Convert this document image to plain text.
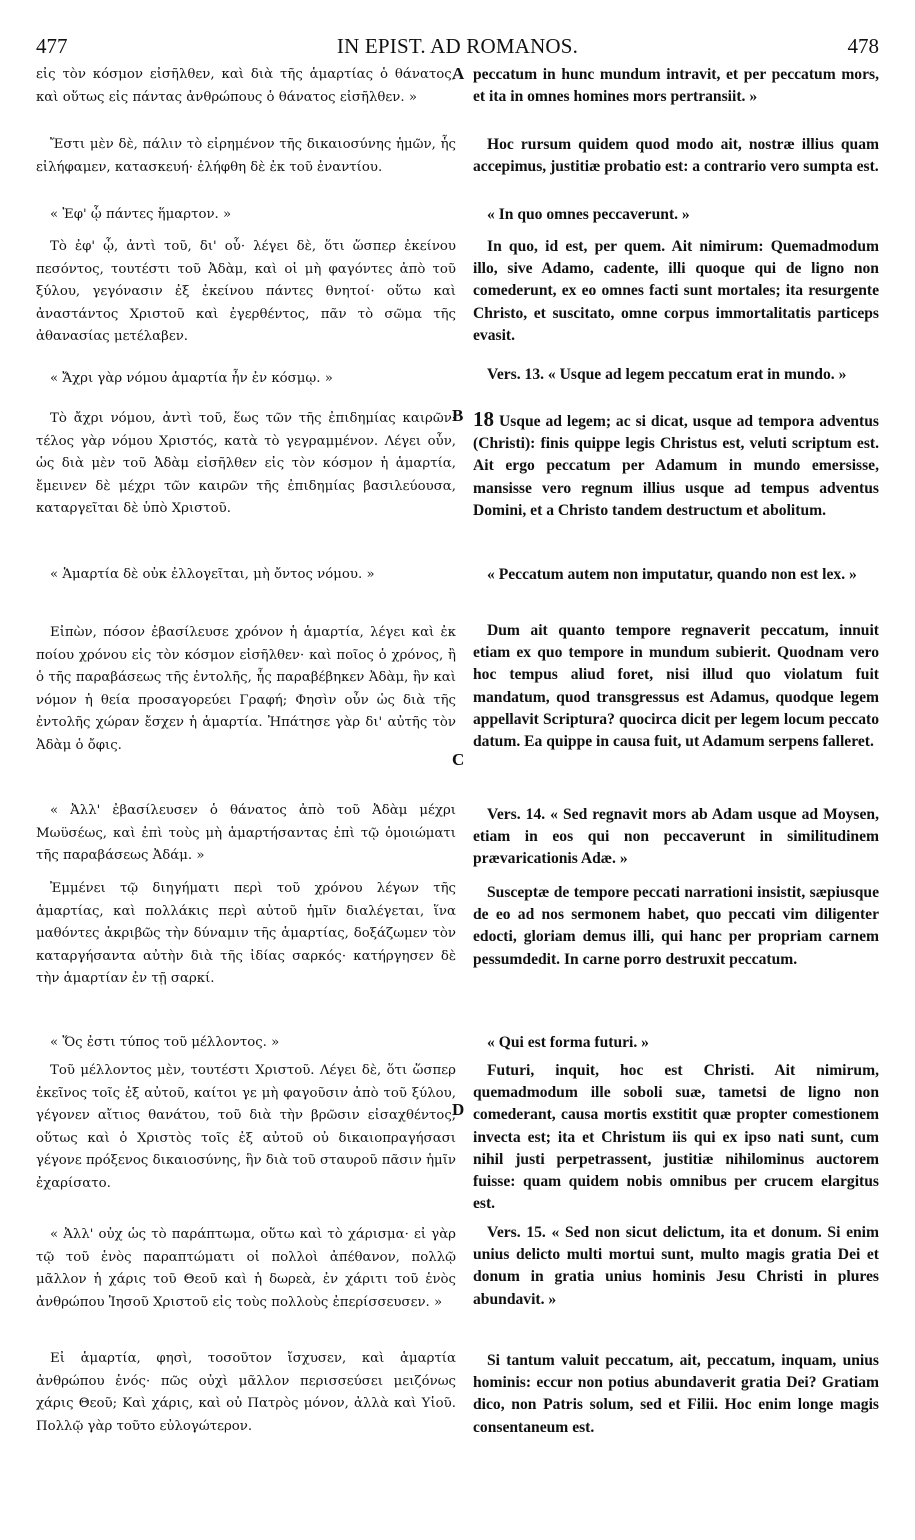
IN EPIST. AD ROMANOS.
477	478

εἰς τὸν κόσμον εἰσῆλθεν, καὶ διὰ τῆς ἁμαρτίας ὁ θάνατος, καὶ οὕτως εἰς πάντας ἀνθρώπους ὁ θάνατος εἰσῆλθεν. »

Ἔστι μὲν δὲ, πάλιν τὸ εἰρημένον τῆς δικαιοσύνης ἡμῶν, ἧς εἰλήφαμεν, κατασκευή· ἐλήφθη δὲ ἐκ τοῦ ἐναντίου.

« Ἐφ' ᾧ πάντες ἥμαρτον. »

Τὸ ἐφ' ᾧ, ἀντὶ τοῦ, δι' οὗ· λέγει δὲ, ὅτι ὥσπερ ἐκείνου πεσόντος, τουτέστι τοῦ Ἀδὰμ, καὶ οἱ μὴ φαγόντες ἀπὸ τοῦ ξύλου, γεγόνασιν ἐξ ἐκείνου πάντες θνητοί· οὕτω καὶ ἀναστάντος Χριστοῦ καὶ ἐγερθέντος, πᾶν τὸ σῶμα τῆς ἀθανασίας μετέλαβεν.

« Ἄχρι γὰρ νόμου ἁμαρτία ἦν ἐν κόσμῳ. »

Τὸ ἄχρι νόμου, ἀντὶ τοῦ, ἕως τῶν τῆς ἐπιδημίας καιρῶν· τέλος γὰρ νόμου Χριστός, κατὰ τὸ γεγραμμένον. Λέγει οὖν, ὡς διὰ μὲν τοῦ Ἀδὰμ εἰσῆλθεν εἰς τὸν κόσμον ἡ ἁμαρτία, ἔμεινεν δὲ μέχρι τῶν καιρῶν τῆς ἐπιδημίας βασιλεύουσα, καταργεῖται δὲ ὑπὸ Χριστοῦ.

« Ἁμαρτία δὲ οὐκ ἐλλογεῖται, μὴ ὄντος νόμου. »

Εἰπὼν, πόσον ἐβασίλευσε χρόνον ἡ ἁμαρτία, λέγει καὶ ἐκ ποίου χρόνου εἰς τὸν κόσμον εἰσῆλθεν· καὶ ποῖος ὁ χρόνος, ἢ ὁ τῆς παραβάσεως τῆς ἐντολῆς, ἧς παραβέβηκεν Ἀδὰμ, ἣν καὶ νόμον ἡ θεία προσαγορεύει Γραφή; Φησὶν οὖν ὡς διὰ τῆς ἐντολῆς χώραν ἔσχεν ἡ ἁμαρτία. Ἠπάτησε γὰρ δι' αὐτῆς τὸν Ἀδὰμ ὁ ὄφις.

« Ἀλλ' ἐβασίλευσεν ὁ θάνατος ἀπὸ τοῦ Ἀδὰμ μέχρι Μωϋσέως, καὶ ἐπὶ τοὺς μὴ ἁμαρτήσαντας ἐπὶ τῷ ὁμοιώματι τῆς παραβάσεως Ἀδάμ. »

Ἐμμένει τῷ διηγήματι περὶ τοῦ χρόνου λέγων τῆς ἁμαρτίας, καὶ πολλάκις περὶ αὐτοῦ ἡμῖν διαλέγεται, ἵνα μαθόντες ἀκριβῶς τὴν δύναμιν τῆς ἁμαρτίας, δοξάζωμεν τὸν καταργήσαντα αὐτὴν διὰ τῆς ἰδίας σαρκός· κατήργησεν δὲ τὴν ἁμαρτίαν ἐν τῇ σαρκί.

« Ὅς ἐστι τύπος τοῦ μέλλοντος. »

Τοῦ μέλλοντος μὲν, τουτέστι Χριστοῦ. Λέγει δὲ, ὅτι ὥσπερ ἐκεῖνος τοῖς ἐξ αὐτοῦ, καίτοι γε μὴ φαγοῦσιν ἀπὸ τοῦ ξύλου, γέγονεν αἴτιος θανάτου, τοῦ διὰ τὴν βρῶσιν εἰσαχθέντος, οὕτως καὶ ὁ Χριστὸς τοῖς ἐξ αὐτοῦ οὐ δικαιοπραγήσασι γέγονε πρόξενος δικαιοσύνης, ἣν διὰ τοῦ σταυροῦ πᾶσιν ἡμῖν ἐχαρίσατο.

« Ἀλλ' οὐχ ὡς τὸ παράπτωμα, οὕτω καὶ τὸ χάρισμα· εἰ γὰρ τῷ τοῦ ἑνὸς παραπτώματι οἱ πολλοὶ ἀπέθανον, πολλῷ μᾶλλον ἡ χάρις τοῦ Θεοῦ καὶ ἡ δωρεὰ, ἐν χάριτι τοῦ ἑνὸς ἀνθρώπου Ἰησοῦ Χριστοῦ εἰς τοὺς πολλοὺς ἐπερίσσευσεν. »

Εἰ ἁμαρτία, φησὶ, τοσοῦτον ἴσχυσεν, καὶ ἁμαρτία ἀνθρώπου ἑνός· πῶς οὐχὶ μᾶλλον περισσεύσει μειζόνως χάρις Θεοῦ; Καὶ χάρις, καὶ οὐ Πατρὸς μόνον, ἀλλὰ καὶ Υἱοῦ. Πολλῷ γὰρ τοῦτο εὐλογώτερον.

A
B
C
D

peccatum in hunc mundum intravit, et per peccatum mors, et ita in omnes homines mors pertransiit. »

Hoc rursum quidem quod modo ait, nostræ illius quam accepimus, justitiæ probatio est: a contrario vero sumpta est.

« In quo omnes peccaverunt. »

In quo, id est, per quem. Ait nimirum: Quemadmodum illo, sive Adamo, cadente, illi quoque qui de ligno non comederunt, ex eo omnes facti sunt mortales; ita resurgente Christo, et suscitato, omne corpus immortalitatis particeps evasit.

Vers. 13. « Usque ad legem peccatum erat in mundo. »

18 Usque ad legem; ac si dicat, usque ad tempora adventus (Christi): finis quippe legis Christus est, veluti scriptum est. Ait ergo peccatum per Adamum in mundo emersisse, mansisse vero regnum illius usque ad tempus adventus Domini, et a Christo tandem destructum et abolitum.

« Peccatum autem non imputatur, quando non est lex. »

Dum ait quanto tempore regnaverit peccatum, innuit etiam ex quo tempore in mundum subierit. Quodnam vero hoc tempus aliud foret, nisi illud quo violatum fuit mandatum, quod transgressus est Adamus, quodque legem appellavit Scriptura? quocirca dicit per legem locum peccato datum. Ea quippe in causa fuit, ut Adamum serpens falleret.

Vers. 14. « Sed regnavit mors ab Adam usque ad Moysen, etiam in eos qui non peccaverunt in similitudinem prævaricationis Adæ. »

Susceptæ de tempore peccati narrationi insistit, sæpiusque de eo ad nos sermonem habet, quo peccati vim diligenter edocti, gloriam demus illi, qui hanc per propriam carnem pessumdedit. In carne porro destruxit peccatum.

« Qui est forma futuri. »

Futuri, inquit, hoc est Christi. Ait nimirum, quemadmodum ille soboli suæ, tametsi de ligno non comederant, causa mortis exstitit quæ propter comestionem invecta est; ita et Christum iis qui ex ipso nati sunt, cum nihil justi perpetrassent, justitiæ nihilominus auctorem fuisse: quam quidem nobis omnibus per crucem elargitus est.

Vers. 15. « Sed non sicut delictum, ita et donum. Si enim unius delicto multi mortui sunt, multo magis gratia Dei et donum in gratia unius hominis Jesu Christi in plures abundavit. »

Si tantum valuit peccatum, ait, peccatum, inquam, unius hominis: eccur non potius abundaverit gratia Dei? Gratiam dico, non Patris solum, sed et Filii. Hoc enim longe magis consentaneum est.
